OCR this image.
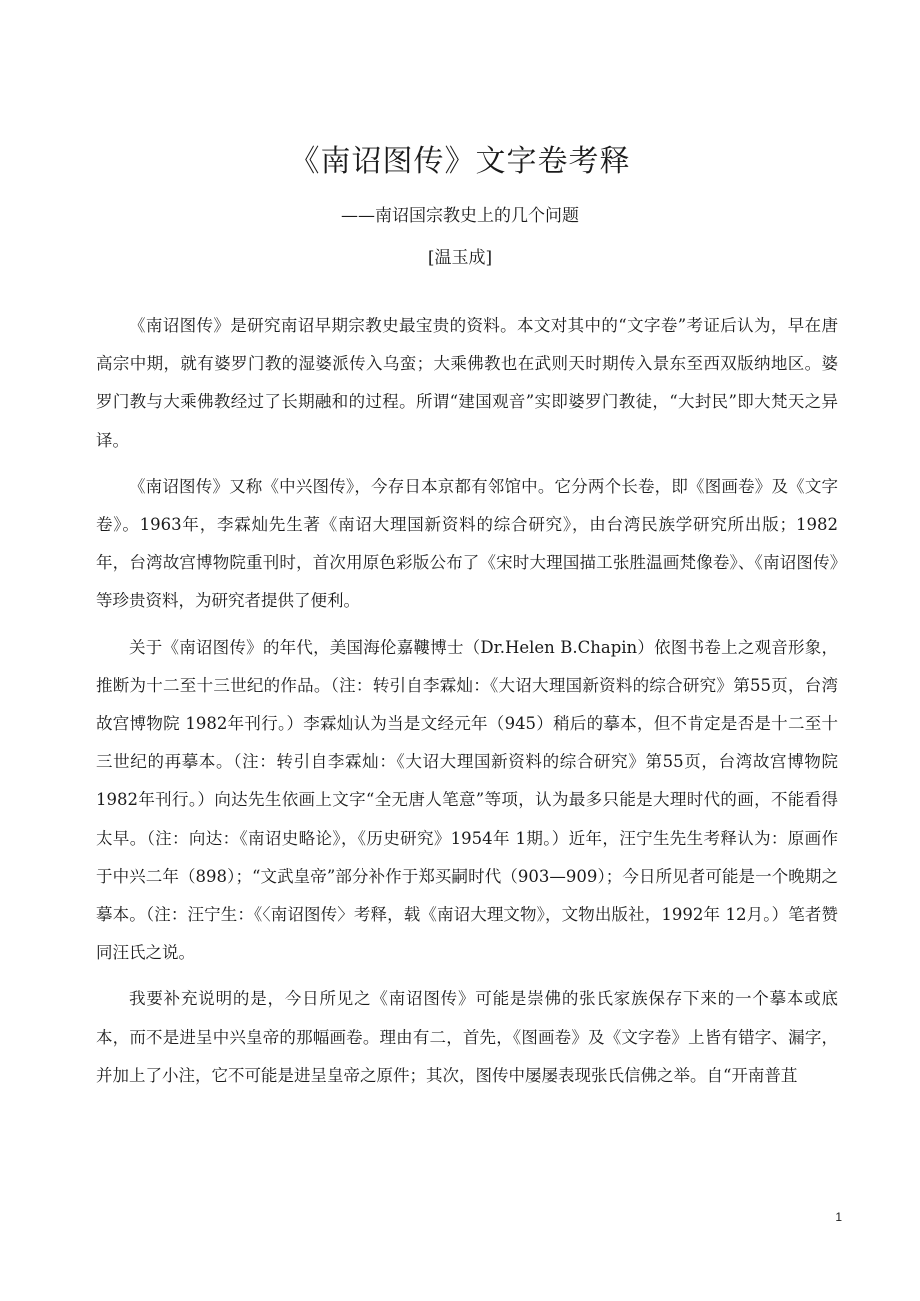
《南诏图传》文字卷考释
——南诏国宗教史上的几个问题
[温玉成]

《南诏图传》是研究南诏早期宗教史最宝贵的资料。本文对其中的“文字卷”考证后认为，早在唐高宗中期，就有婆罗门教的湿婆派传入乌蛮；大乘佛教也在武则天时期传入景东至西双版纳地区。婆罗门教与大乘佛教经过了长期融和的过程。所谓“建国观音”实即婆罗门教徒，“大封民”即大梵天之异译。

《南诏图传》又称《中兴图传》，今存日本京都有邻馆中。它分两个长卷，即《图画卷》及《文字卷》。1963年，李霖灿先生著《南诏大理国新资料的综合研究》，由台湾民族学研究所出版；1982年，台湾故宫博物院重刊时，首次用原色彩版公布了《宋时大理国描工张胜温画梵像卷》、《南诏图传》等珍贵资料，为研究者提供了便利。

关于《南诏图传》的年代，美国海伦嘉鞻博士（Dr.Helen B.Chapin）依图书卷上之观音形象，推断为十二至十三世纪的作品。（注：转引自李霖灿：《大诏大理国新资料的综合研究》第55页，台湾故宫博物院 1982年刊行。）李霖灿认为当是文经元年（945）稍后的摹本，但不肯定是否是十二至十三世纪的再摹本。（注：转引自李霖灿：《大诏大理国新资料的综合研究》第55页，台湾故宫博物院 1982年刊行。）向达先生依画上文字“全无唐人笔意”等项，认为最多只能是大理时代的画，不能看得太早。（注：向达：《南诏史略论》，《历史研究》1954年 1期。）近年，汪宁生先生考释认为：原画作于中兴二年（898）；“文武皇帝”部分补作于郑买嗣时代（903—909）；今日所见者可能是一个晚期之摹本。（注：汪宁生：《〈南诏图传〉考释，载《南诏大理文物》，文物出版社，1992年 12月。）笔者赞同汪氏之说。

我要补充说明的是，今日所见之《南诏图传》可能是崇佛的张氏家族保存下来的一个摹本或底本，而不是进呈中兴皇帝的那幅画卷。理由有二，首先，《图画卷》及《文字卷》上皆有错字、漏字，并加上了小注，它不可能是进呈皇帝之原件；其次，图传中屡屡表现张氏信佛之举。自“开南普苴

1
